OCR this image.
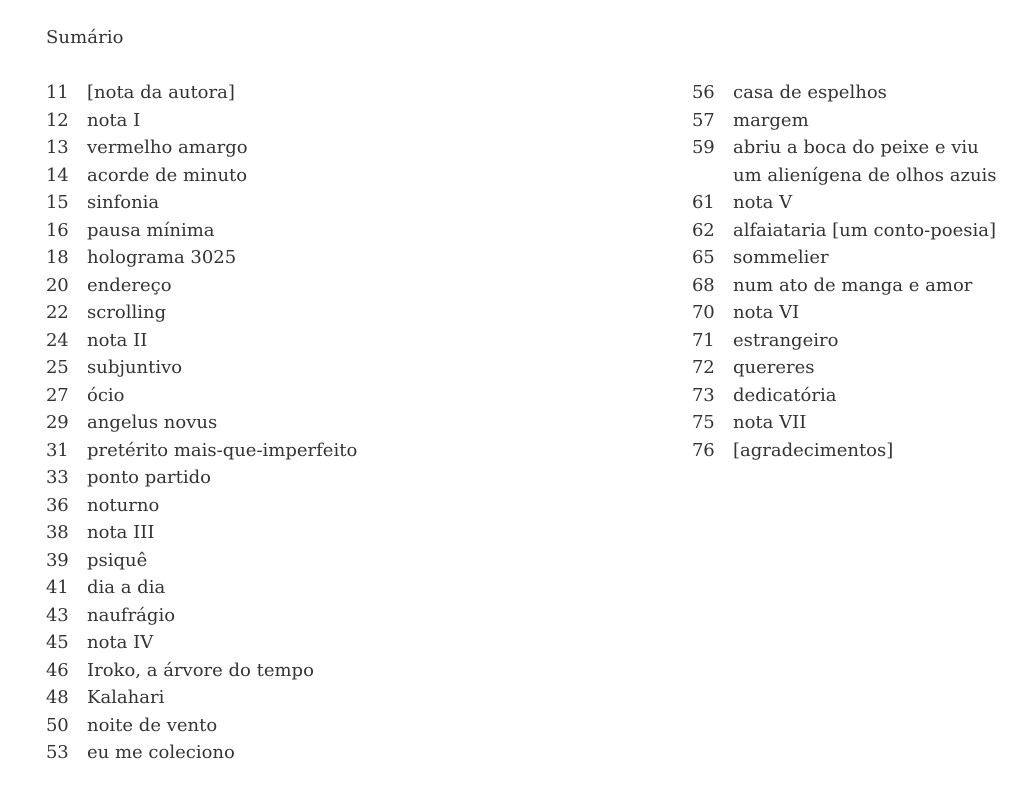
Sumário
11	[nota da autora]
12	nota I
13	vermelho amargo
14	acorde de minuto
15	sinfonia
16	pausa mínima
18	holograma 3025
20	endereço
22	scrolling
24	nota II
25	subjuntivo
27	ócio
29	angelus novus
31	pretérito mais-que-imperfeito
33	ponto partido
36	noturno
38	nota III
39	psiquê
41	dia a dia
43	naufrágio
45	nota IV
46	Iroko, a árvore do tempo
48	Kalahari
50	noite de vento
53	eu me coleciono
56	casa de espelhos
57	margem
59	abriu a boca do peixe e viu um alienígena de olhos azuis
61	nota V
62	alfaiataria [um conto-poesia]
65	sommelier
68	num ato de manga e amor
70	nota VI
71	estrangeiro
72	quereres
73	dedicatória
75	nota VII
76	[agradecimentos]
